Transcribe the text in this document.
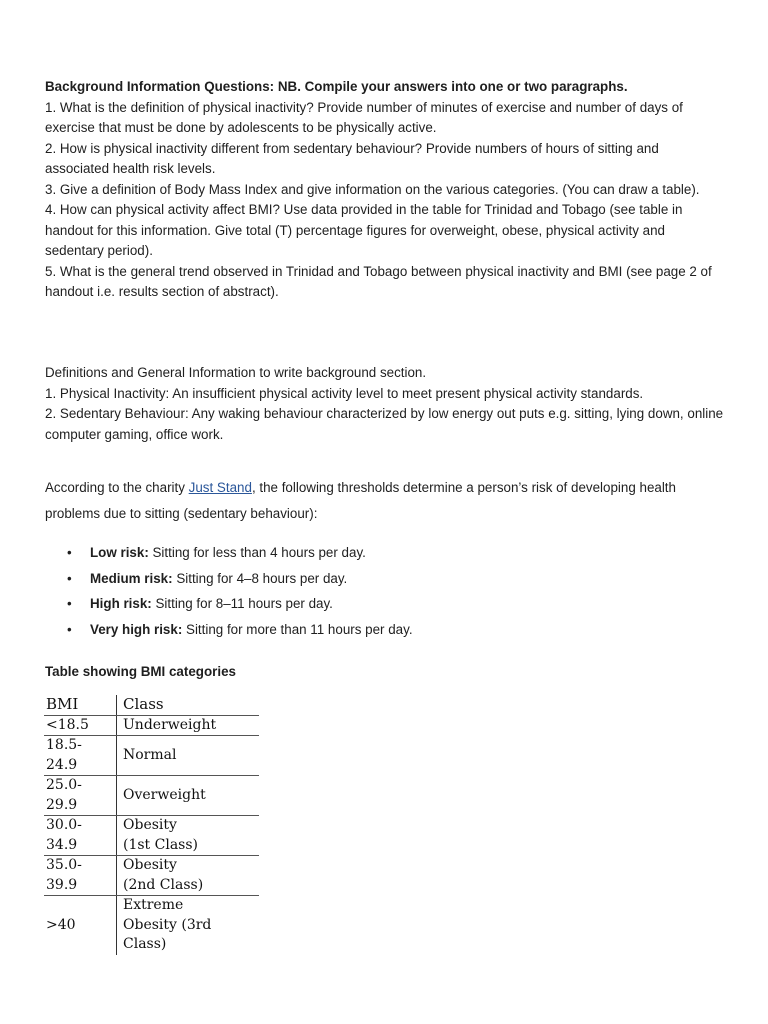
Background Information Questions: NB. Compile your answers into one or two paragraphs.
1. What is the definition of physical inactivity? Provide number of minutes of exercise and number of days of exercise that must be done by adolescents to be physically active.
2. How is physical inactivity different from sedentary behaviour? Provide numbers of hours of sitting and associated health risk levels.
3. Give a definition of Body Mass Index and give information on the various categories. (You can draw a table).
4. How can physical activity affect BMI? Use data provided in the table for Trinidad and Tobago (see table in handout for this information. Give total (T) percentage figures for overweight, obese, physical activity and sedentary period).
5. What is the general trend observed in Trinidad and Tobago between physical inactivity and BMI (see page 2 of handout i.e. results section of abstract).
Definitions and General Information to write background section.
1. Physical Inactivity: An insufficient physical activity level to meet present physical activity standards.
2. Sedentary Behaviour: Any waking behaviour characterized by low energy out puts e.g. sitting, lying down, online computer gaming, office work.
According to the charity Just Stand, the following thresholds determine a person’s risk of developing health problems due to sitting (sedentary behaviour):
• Low risk: Sitting for less than 4 hours per day.
• Medium risk: Sitting for 4–8 hours per day.
• High risk: Sitting for 8–11 hours per day.
• Very high risk: Sitting for more than 11 hours per day.
Table showing BMI categories
BMI	Class
<18.5	Underweight

18.5-24.9	Normal

25.0-29.9	Overweight

30.0-34.9	Obesity
(1st Class)

35.0-39.9	Obesity
(2nd Class)

>40	Extreme
Obesity (3rd Class)
